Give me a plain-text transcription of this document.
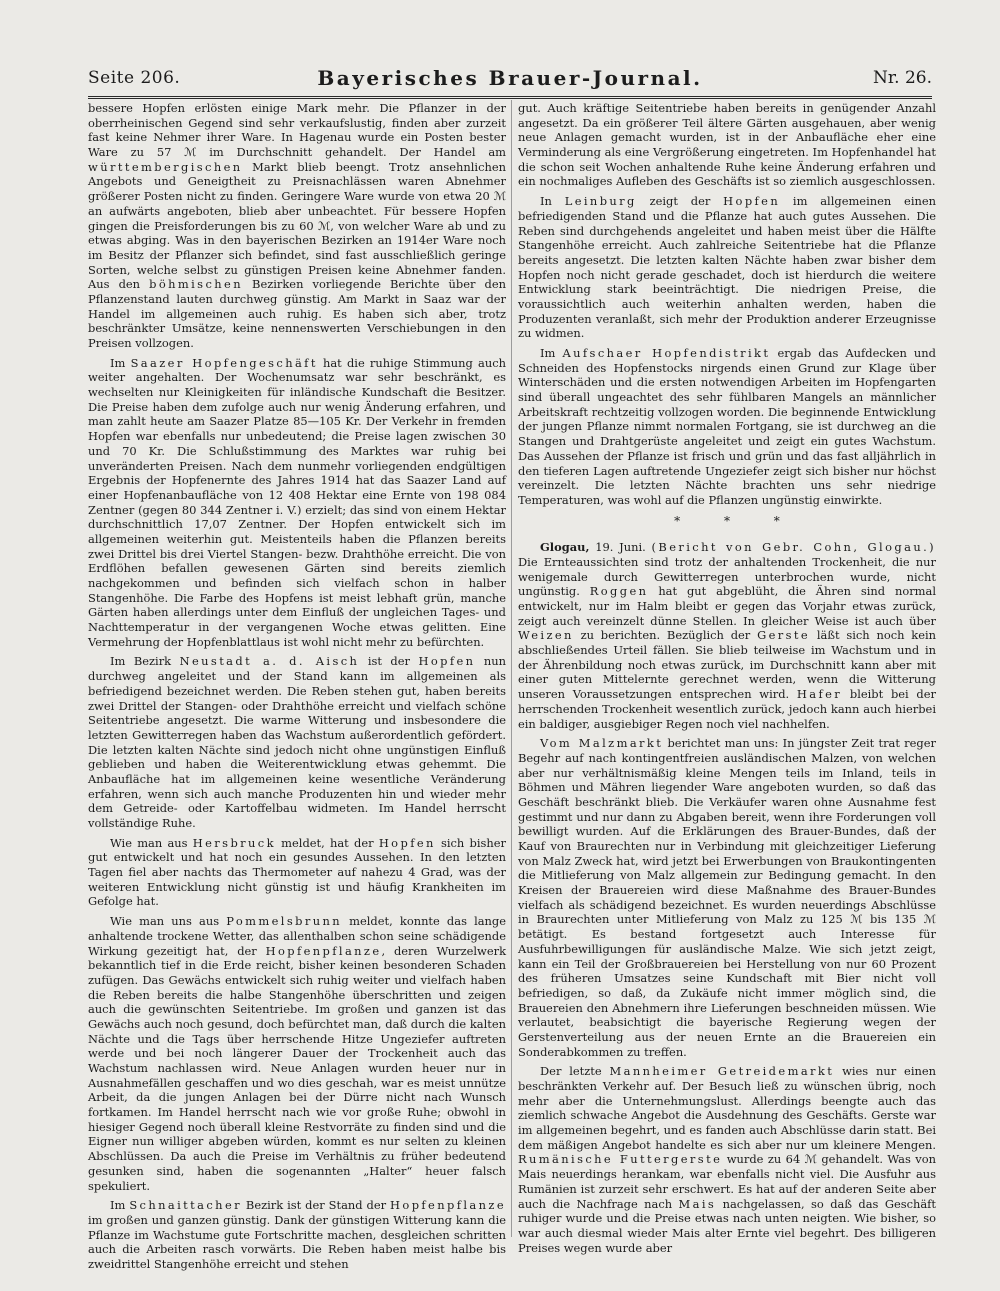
Seite 206.	Bayerisches Brauer-Journal.	Nr. 26.

bessere Hopfen erlösten einige Mark mehr. Die Pflanzer in der oberrheinischen Gegend sind sehr verkaufslustig, finden aber zurzeit fast keine Nehmer ihrer Ware. In Hagenau wurde ein Posten bester Ware zu 57 ℳ im Durchschnitt gehandelt. Der Handel am württembergischen Markt blieb beengt. Trotz ansehnlichen Angebots und Geneigtheit zu Preisnachlässen waren Abnehmer größerer Posten nicht zu finden. Geringere Ware wurde von etwa 20 ℳ an aufwärts angeboten, blieb aber unbeachtet. Für bessere Hopfen gingen die Preisforderungen bis zu 60 ℳ, von welcher Ware ab und zu etwas abging. Was in den bayerischen Bezirken an 1914er Ware noch im Besitz der Pflanzer sich befindet, sind fast ausschließlich geringe Sorten, welche selbst zu günstigen Preisen keine Abnehmer fanden. Aus den böhmischen Bezirken vorliegende Berichte über den Pflanzenstand lauten durchweg günstig. Am Markt in Saaz war der Handel im allgemeinen auch ruhig. Es haben sich aber, trotz beschränkter Umsätze, keine nennenswerten Verschiebungen in den Preisen vollzogen.

Im Saazer Hopfengeschäft hat die ruhige Stimmung auch weiter angehalten. Der Wochenumsatz war sehr beschränkt, es wechselten nur Kleinigkeiten für inländische Kundschaft die Besitzer. Die Preise haben dem zufolge auch nur wenig Änderung erfahren, und man zahlt heute am Saazer Platze 85—105 Kr. Der Verkehr in fremden Hopfen war ebenfalls nur unbedeutend; die Preise lagen zwischen 30 und 70 Kr. Die Schlußstimmung des Marktes war ruhig bei unveränderten Preisen. Nach dem nunmehr vorliegenden endgültigen Ergebnis der Hopfenernte des Jahres 1914 hat das Saazer Land auf einer Hopfenanbaufläche von 12 408 Hektar eine Ernte von 198 084 Zentner (gegen 80 344 Zentner i. V.) erzielt; das sind von einem Hektar durchschnittlich 17,07 Zentner. Der Hopfen entwickelt sich im allgemeinen weiterhin gut. Meistenteils haben die Pflanzen bereits zwei Drittel bis drei Viertel Stangen- bezw. Drahthöhe erreicht. Die von Erdflöhen befallen gewesenen Gärten sind bereits ziemlich nachgekommen und befinden sich vielfach schon in halber Stangenhöhe. Die Farbe des Hopfens ist meist lebhaft grün, manche Gärten haben allerdings unter dem Einfluß der ungleichen Tages- und Nachttemperatur in der vergangenen Woche etwas gelitten. Eine Vermehrung der Hopfenblattlaus ist wohl nicht mehr zu befürchten.

Im Bezirk Neustadt a. d. Aisch ist der Hopfen nun durchweg angeleitet und der Stand kann im allgemeinen als befriedigend bezeichnet werden. Die Reben stehen gut, haben bereits zwei Drittel der Stangen- oder Drahthöhe erreicht und vielfach schöne Seitentriebe angesetzt. Die warme Witterung und insbesondere die letzten Gewitterregen haben das Wachstum außerordentlich gefördert. Die letzten kalten Nächte sind jedoch nicht ohne ungünstigen Einfluß geblieben und haben die Weiterentwicklung etwas gehemmt. Die Anbaufläche hat im allgemeinen keine wesentliche Veränderung erfahren, wenn sich auch manche Produzenten hin und wieder mehr dem Getreide- oder Kartoffelbau widmeten. Im Handel herrscht vollständige Ruhe.

Wie man aus Hersbruck meldet, hat der Hopfen sich bisher gut entwickelt und hat noch ein gesundes Aussehen. In den letzten Tagen fiel aber nachts das Thermometer auf nahezu 4 Grad, was der weiteren Entwicklung nicht günstig ist und häufig Krankheiten im Gefolge hat.

Wie man uns aus Pommelsbrunn meldet, konnte das lange anhaltende trockene Wetter, das allenthalben schon seine schädigende Wirkung gezeitigt hat, der Hopfenpflanze, deren Wurzelwerk bekanntlich tief in die Erde reicht, bisher keinen besonderen Schaden zufügen. Das Gewächs entwickelt sich ruhig weiter und vielfach haben die Reben bereits die halbe Stangenhöhe überschritten und zeigen auch die gewünschten Seitentriebe. Im großen und ganzen ist das Gewächs auch noch gesund, doch befürchtet man, daß durch die kalten Nächte und die Tags über herrschende Hitze Ungeziefer auftreten werde und bei noch längerer Dauer der Trockenheit auch das Wachstum nachlassen wird. Neue Anlagen wurden heuer nur in Ausnahmefällen geschaffen und wo dies geschah, war es meist unnütze Arbeit, da die jungen Anlagen bei der Dürre nicht nach Wunsch fortkamen. Im Handel herrscht nach wie vor große Ruhe; obwohl in hiesiger Gegend noch überall kleine Restvorräte zu finden sind und die Eigner nun williger abgeben würden, kommt es nur selten zu kleinen Abschlüssen. Da auch die Preise im Verhältnis zu früher bedeutend gesunken sind, haben die sogenannten „Halter“ heuer falsch spekuliert.

Im Schnaittacher Bezirk ist der Stand der Hopfenpflanze im großen und ganzen günstig. Dank der günstigen Witterung kann die Pflanze im Wachstume gute Fortschritte machen, desgleichen schritten auch die Arbeiten rasch vorwärts. Die Reben haben meist halbe bis zweidrittel Stangenhöhe erreicht und stehen

gut. Auch kräftige Seitentriebe haben bereits in genügender Anzahl angesetzt. Da ein größerer Teil ältere Gärten ausgehauen, aber wenig neue Anlagen gemacht wurden, ist in der Anbaufläche eher eine Verminderung als eine Vergrößerung eingetreten. Im Hopfenhandel hat die schon seit Wochen anhaltende Ruhe keine Änderung erfahren und ein nochmaliges Aufleben des Geschäfts ist so ziemlich ausgeschlossen.

In Leinburg zeigt der Hopfen im allgemeinen einen befriedigenden Stand und die Pflanze hat auch gutes Aussehen. Die Reben sind durchgehends angeleitet und haben meist über die Hälfte Stangenhöhe erreicht. Auch zahlreiche Seitentriebe hat die Pflanze bereits angesetzt. Die letzten kalten Nächte haben zwar bisher dem Hopfen noch nicht gerade geschadet, doch ist hierdurch die weitere Entwicklung stark beeinträchtigt. Die niedrigen Preise, die voraussichtlich auch weiterhin anhalten werden, haben die Produzenten veranlaßt, sich mehr der Produktion anderer Erzeugnisse zu widmen.

Im Aufschaer Hopfendistrikt ergab das Aufdecken und Schneiden des Hopfenstocks nirgends einen Grund zur Klage über Winterschäden und die ersten notwendigen Arbeiten im Hopfengarten sind überall ungeachtet des sehr fühlbaren Mangels an männlicher Arbeitskraft rechtzeitig vollzogen worden. Die beginnende Entwicklung der jungen Pflanze nimmt normalen Fortgang, sie ist durchweg an die Stangen und Drahtgerüste angeleitet und zeigt ein gutes Wachstum. Das Aussehen der Pflanze ist frisch und grün und das fast alljährlich in den tieferen Lagen auftretende Ungeziefer zeigt sich bisher nur höchst vereinzelt. Die letzten Nächte brachten uns sehr niedrige Temperaturen, was wohl auf die Pflanzen ungünstig einwirkte.

* * *

Glogau, 19. Juni. (Bericht von Gebr. Cohn, Glogau.) Die Ernteaussichten sind trotz der anhaltenden Trockenheit, die nur wenigemale durch Gewitterregen unterbrochen wurde, nicht ungünstig. Roggen hat gut abgeblüht, die Ähren sind normal entwickelt, nur im Halm bleibt er gegen das Vorjahr etwas zurück, zeigt auch vereinzelt dünne Stellen. In gleicher Weise ist auch über Weizen zu berichten. Bezüglich der Gerste läßt sich noch kein abschließendes Urteil fällen. Sie blieb teilweise im Wachstum und in der Ährenbildung noch etwas zurück, im Durchschnitt kann aber mit einer guten Mittelernte gerechnet werden, wenn die Witterung unseren Voraussetzungen entsprechen wird. Hafer bleibt bei der herrschenden Trockenheit wesentlich zurück, jedoch kann auch hierbei ein baldiger, ausgiebiger Regen noch viel nachhelfen.

Vom Malzmarkt berichtet man uns: In jüngster Zeit trat reger Begehr auf nach kontingentfreien ausländischen Malzen, von welchen aber nur verhältnismäßig kleine Mengen teils im Inland, teils in Böhmen und Mähren liegender Ware angeboten wurden, so daß das Geschäft beschränkt blieb. Die Verkäufer waren ohne Ausnahme fest gestimmt und nur dann zu Abgaben bereit, wenn ihre Forderungen voll bewilligt wurden. Auf die Erklärungen des Brauer-Bundes, daß der Kauf von Braurechten nur in Verbindung mit gleichzeitiger Lieferung von Malz Zweck hat, wird jetzt bei Erwerbungen von Braukontingenten die Mitlieferung von Malz allgemein zur Bedingung gemacht. In den Kreisen der Brauereien wird diese Maßnahme des Brauer-Bundes vielfach als schädigend bezeichnet. Es wurden neuerdings Abschlüsse in Braurechten unter Mitlieferung von Malz zu 125 ℳ bis 135 ℳ betätigt. Es bestand fortgesetzt auch Interesse für Ausfuhrbewilligungen für ausländische Malze. Wie sich jetzt zeigt, kann ein Teil der Großbrauereien bei Herstellung von nur 60 Prozent des früheren Umsatzes seine Kundschaft mit Bier nicht voll befriedigen, so daß, da Zukäufe nicht immer möglich sind, die Brauereien den Abnehmern ihre Lieferungen beschneiden müssen. Wie verlautet, beabsichtigt die bayerische Regierung wegen der Gerstenverteilung aus der neuen Ernte an die Brauereien ein Sonderabkommen zu treffen.

Der letzte Mannheimer Getreidemarkt wies nur einen beschränkten Verkehr auf. Der Besuch ließ zu wünschen übrig, noch mehr aber die Unternehmungslust. Allerdings beengte auch das ziemlich schwache Angebot die Ausdehnung des Geschäfts. Gerste war im allgemeinen begehrt, und es fanden auch Abschlüsse darin statt. Bei dem mäßigen Angebot handelte es sich aber nur um kleinere Mengen. Rumänische Futtergerste wurde zu 64 ℳ gehandelt. Was von Mais neuerdings herankam, war ebenfalls nicht viel. Die Ausfuhr aus Rumänien ist zurzeit sehr erschwert. Es hat auf der anderen Seite aber auch die Nachfrage nach Mais nachgelassen, so daß das Geschäft ruhiger wurde und die Preise etwas nach unten neigten. Wie bisher, so war auch diesmal wieder Mais alter Ernte viel begehrt. Des billigeren Preises wegen wurde aber
